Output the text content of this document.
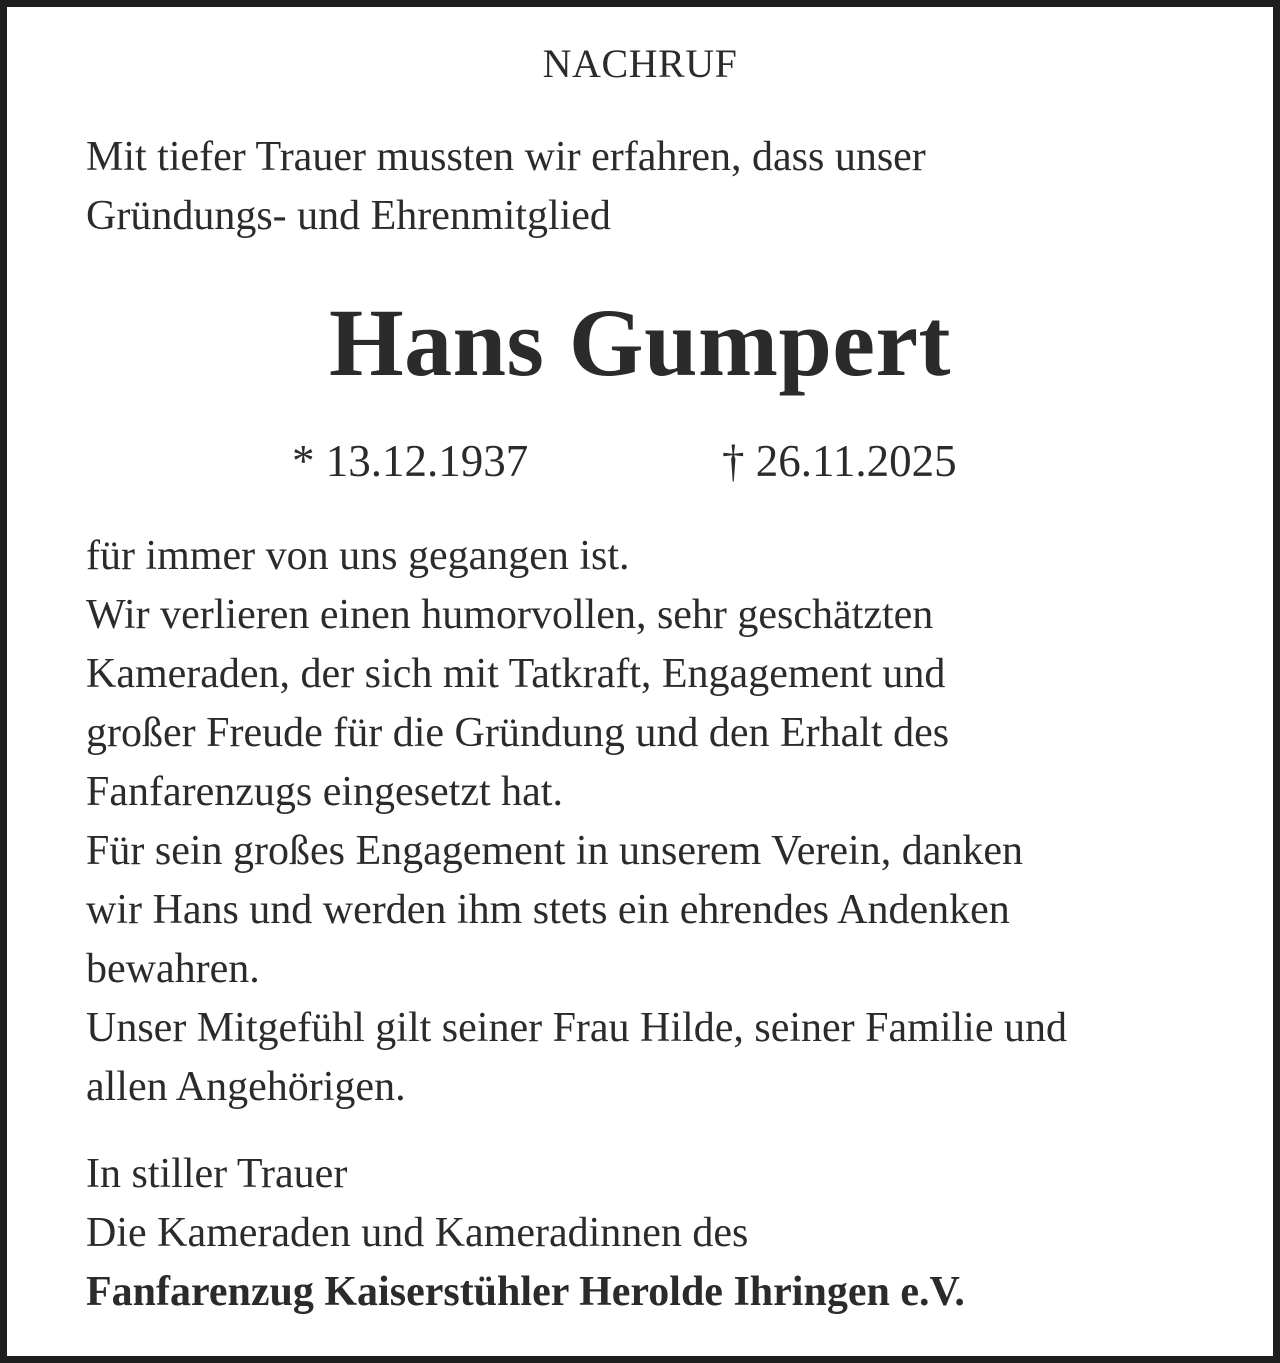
NACHRUF
Mit tiefer Trauer mussten wir erfahren, dass unser
Gründungs- und Ehrenmitglied
Hans Gumpert
* 13.12.1937	† 26.11.2025
für immer von uns gegangen ist.
Wir verlieren einen humorvollen, sehr geschätzten
Kameraden, der sich mit Tatkraft, Engagement und
großer Freude für die Gründung und den Erhalt des
Fanfarenzugs eingesetzt hat.
Für sein großes Engagement in unserem Verein, danken
wir Hans und werden ihm stets ein ehrendes Andenken
bewahren.
Unser Mitgefühl gilt seiner Frau Hilde, seiner Familie und
allen Angehörigen.
In stiller Trauer
Die Kameraden und Kameradinnen des
Fanfarenzug Kaiserstühler Herolde Ihringen e.V.
